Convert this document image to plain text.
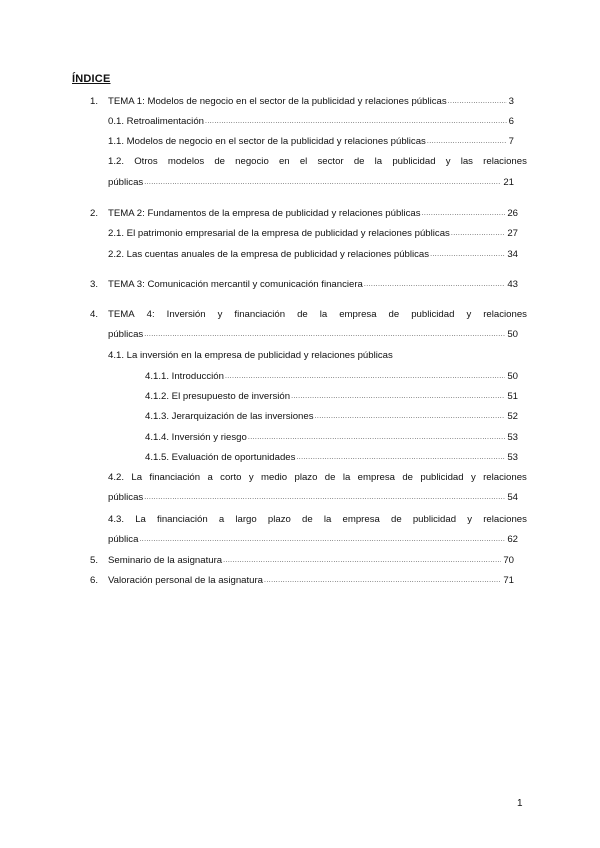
ÍNDICE
1. TEMA 1: Modelos de negocio en el sector de la publicidad y relaciones públicas .....	3
0.1. Retroalimentación .....	6
1.1. Modelos de negocio en el sector de la publicidad y relaciones públicas .....	7
1.2. Otros modelos de negocio en el sector de la publicidad y las relaciones
públicas .....	21
2. TEMA 2: Fundamentos de la empresa de publicidad y relaciones públicas .....	26
2.1. El patrimonio empresarial de la empresa de publicidad y relaciones públicas .....	27
2.2. Las cuentas anuales de la empresa de publicidad y relaciones públicas .....	34
3. TEMA 3: Comunicación mercantil y comunicación financiera .....	43
4. TEMA 4: Inversión y financiación de la empresa de publicidad y relaciones
públicas .....	50
4.1. La inversión en la empresa de publicidad y relaciones públicas
4.1.1. Introducción .....	50
4.1.2. El presupuesto de inversión .....	51
4.1.3. Jerarquización de las inversiones .....	52
4.1.4. Inversión y riesgo .....	53
4.1.5. Evaluación de oportunidades .....	53
4.2. La financiación a corto y medio plazo de la empresa de publicidad y relaciones
públicas .....	54
4.3. La financiación a largo plazo de la empresa de publicidad y relaciones
pública .....	62
5. Seminario de la asignatura .....	70
6. Valoración personal de la asignatura .....	71
1
